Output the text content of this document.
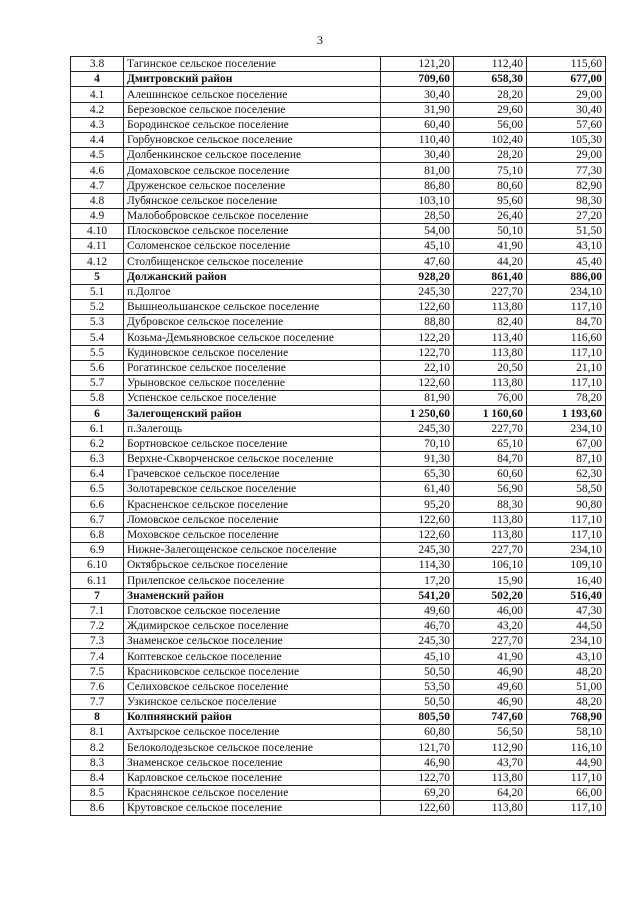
3
3.8	Тагинское сельское поселение	121,20	112,40	115,60
4	Дмитровский район	709,60	658,30	677,00
4.1	Алешинское сельское поселение	30,40	28,20	29,00
4.2	Березовское сельское поселение	31,90	29,60	30,40
4.3	Бородинское сельское поселение	60,40	56,00	57,60
4.4	Горбуновское сельское поселение	110,40	102,40	105,30
4.5	Долбенкинское сельское поселение	30,40	28,20	29,00
4.6	Домаховское сельское поселение	81,00	75,10	77,30
4.7	Друженское сельское поселение	86,80	80,60	82,90
4.8	Лубянское сельское поселение	103,10	95,60	98,30
4.9	Малобобровское сельское поселение	28,50	26,40	27,20
4.10	Плосковское сельское поселение	54,00	50,10	51,50
4.11	Соломенское сельское поселение	45,10	41,90	43,10
4.12	Столбищенское сельское поселение	47,60	44,20	45,40
5	Должанский район	928,20	861,40	886,00
5.1	п.Долгое	245,30	227,70	234,10
5.2	Вышнеольшанское сельское поселение	122,60	113,80	117,10
5.3	Дубровское сельское поселение	88,80	82,40	84,70
5.4	Козьма-Демьяновское сельское поселение	122,20	113,40	116,60
5.5	Кудиновское сельское поселение	122,70	113,80	117,10
5.6	Рогатинское сельское поселение	22,10	20,50	21,10
5.7	Урыновское сельское поселение	122,60	113,80	117,10
5.8	Успенское сельское поселение	81,90	76,00	78,20
6	Залегощенский район	1 250,60	1 160,60	1 193,60
6.1	п.Залегощь	245,30	227,70	234,10
6.2	Бортновское сельское поселение	70,10	65,10	67,00
6.3	Верхне-Скворченское сельское поселение	91,30	84,70	87,10
6.4	Грачевское сельское поселение	65,30	60,60	62,30
6.5	Золотаревское сельское поселение	61,40	56,90	58,50
6.6	Красненское сельское поселение	95,20	88,30	90,80
6.7	Ломовское сельское поселение	122,60	113,80	117,10
6.8	Моховское сельское поселение	122,60	113,80	117,10
6.9	Нижне-Залегощенское сельское поселение	245,30	227,70	234,10
6.10	Октябрьское сельское поселение	114,30	106,10	109,10
6.11	Прилепское сельское поселение	17,20	15,90	16,40
7	Знаменский район	541,20	502,20	516,40
7.1	Глотовское сельское поселение	49,60	46,00	47,30
7.2	Ждимирское сельское поселение	46,70	43,20	44,50
7.3	Знаменское сельское поселение	245,30	227,70	234,10
7.4	Коптевское сельское поселение	45,10	41,90	43,10
7.5	Красниковское сельское поселение	50,50	46,90	48,20
7.6	Селиховское сельское поселение	53,50	49,60	51,00
7.7	Узкинское сельское поселение	50,50	46,90	48,20
8	Колпнянский район	805,50	747,60	768,90
8.1	Ахтырское сельское поселение	60,80	56,50	58,10
8.2	Белоколодезьское сельское поселение	121,70	112,90	116,10
8.3	Знаменское сельское поселение	46,90	43,70	44,90
8.4	Карловское сельское поселение	122,70	113,80	117,10
8.5	Краснянское сельское поселение	69,20	64,20	66,00
8.6	Крутовское сельское поселение	122,60	113,80	117,10
